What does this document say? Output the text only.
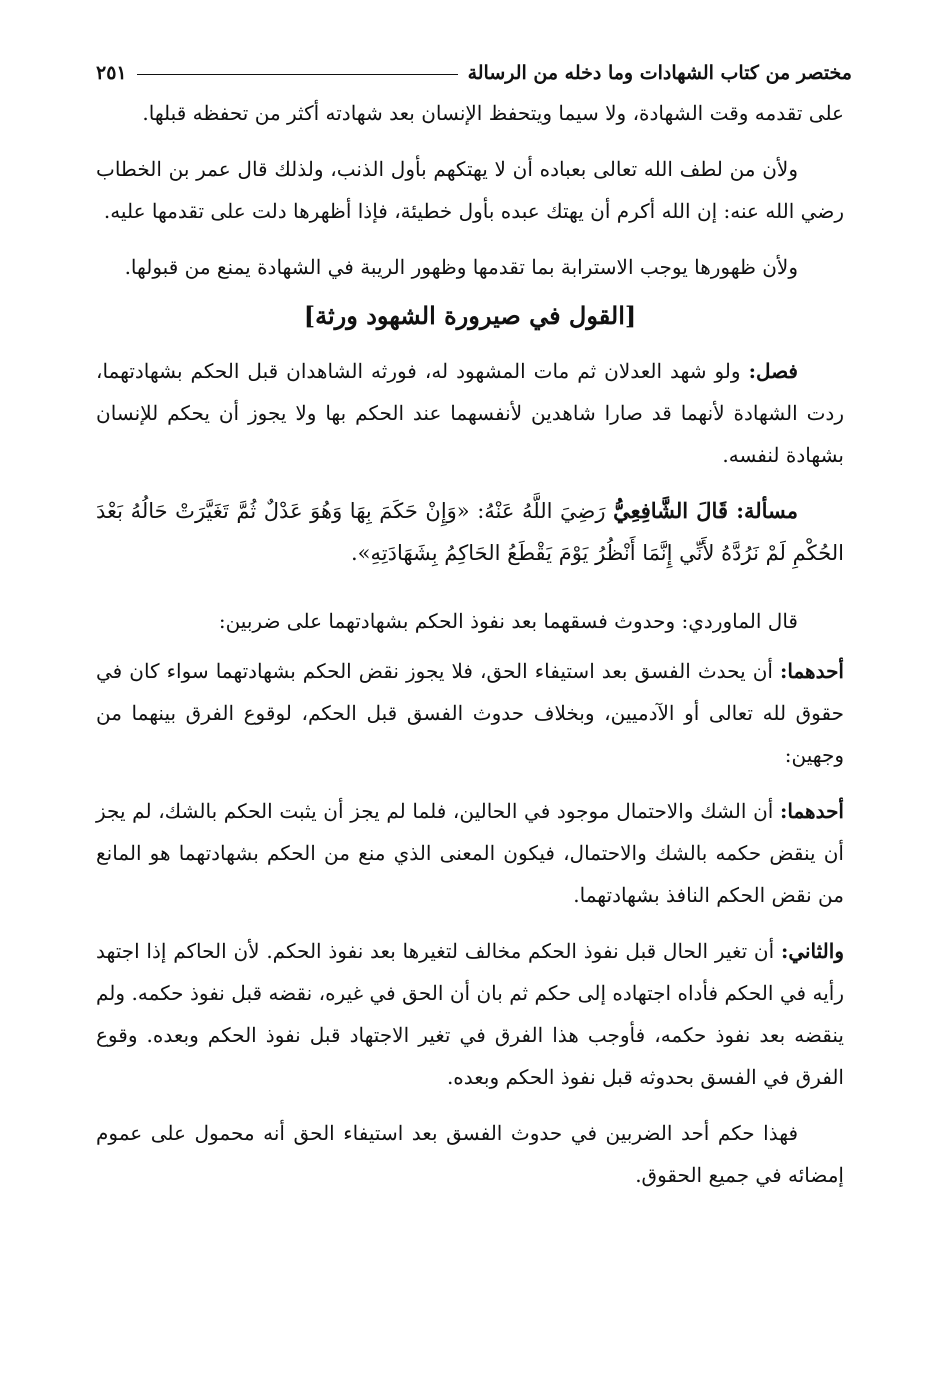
مختصر من كتاب الشهادات وما دخله من الرسالة
٢٥١

على تقدمه وقت الشهادة، ولا سيما ويتحفظ الإنسان بعد شهادته أكثر من تحفظه قبلها.

ولأن من لطف الله تعالى بعباده أن لا يهتكهم بأول الذنب، ولذلك قال عمر بن الخطاب رضي الله عنه: إن الله أكرم أن يهتك عبده بأول خطيئة، فإذا أظهرها دلت على تقدمها عليه.

ولأن ظهورها يوجب الاسترابة بما تقدمها وظهور الريبة في الشهادة يمنع من قبولها.

[القول في صيرورة الشهود ورثة]

فصل: ولو شهد العدلان ثم مات المشهود له، فورثه الشاهدان قبل الحكم بشهادتهما، ردت الشهادة لأنهما قد صارا شاهدين لأنفسهما عند الحكم بها ولا يجوز أن يحكم للإنسان بشهادة لنفسه.

مسألة: قَالَ الشَّافِعِيُّ رَضِيَ اللَّهُ عَنْهُ: «وَإِنْ حَكَمَ بِهَا وَهُوَ عَدْلٌ ثُمَّ تَغَيَّرَتْ حَالُهُ بَعْدَ الحُكْمِ لَمْ نَرُدَّهُ لأَنِّي إِنَّمَا أَنْظُرُ يَوْمَ يَقْطَعُ الحَاكِمُ بِشَهَادَتِهِ».

قال الماوردي: وحدوث فسقهما بعد نفوذ الحكم بشهادتهما على ضربين:

أحدهما: أن يحدث الفسق بعد استيفاء الحق، فلا يجوز نقض الحكم بشهادتهما سواء كان في حقوق لله تعالى أو الآدميين، وبخلاف حدوث الفسق قبل الحكم، لوقوع الفرق بينهما من وجهين:

أحدهما: أن الشك والاحتمال موجود في الحالين، فلما لم يجز أن يثبت الحكم بالشك، لم يجز أن ينقض حكمه بالشك والاحتمال، فيكون المعنى الذي منع من الحكم بشهادتهما هو المانع من نقض الحكم النافذ بشهادتهما.

والثاني: أن تغير الحال قبل نفوذ الحكم مخالف لتغيرها بعد نفوذ الحكم. لأن الحاكم إذا اجتهد رأيه في الحكم فأداه اجتهاده إلى حكم ثم بان أن الحق في غيره، نقضه قبل نفوذ حكمه. ولم ينقضه بعد نفوذ حكمه، فأوجب هذا الفرق في تغير الاجتهاد قبل نفوذ الحكم وبعده. وقوع الفرق في الفسق بحدوثه قبل نفوذ الحكم وبعده.

فهذا حكم أحد الضربين في حدوث الفسق بعد استيفاء الحق أنه محمول على عموم إمضائه في جميع الحقوق.
